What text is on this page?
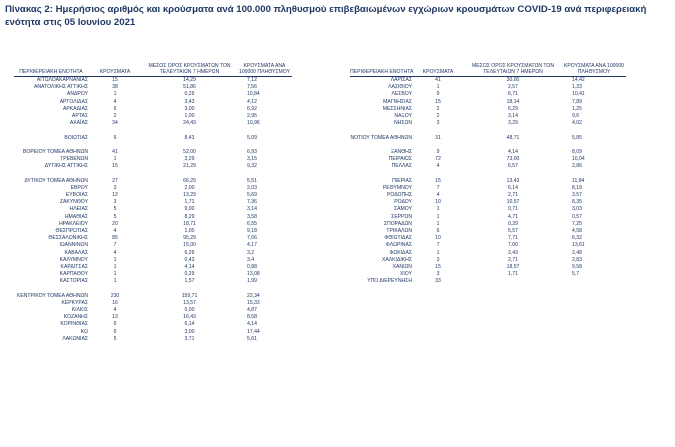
Πίνακας 2: Ημερήσιος αριθμός και κρούσματα ανά 100.000 πληθυσμού επιβεβαιωμένων εγχώριων κρουσμάτων COVID-19 ανά περιφερειακή ενότητα στις 05 Ιουνίου 2021
ΠΕΡΙΦΕΡΕΙΑΚΗ ΕΝΟΤΗΤΑ	ΚΡΟΥΣΜΑΤΑ
ΜΕΣΟΣ ΟΡΟΣ ΚΡΟΥΣΜΑΤΩΝ ΤΟΝ ΤΕΛΕΥΤΑΙΩΝ 7 ΗΜΕΡΩΝ
ΚΡΟΥΣΜΑΤΑ ΑΝΑ 100000 ΠΛΗΘΥΣΜΟΥ
ΑΙΤΩΛΟΑΚΑΡΝΑΝΙΑΣ	15	14,29	7,12
ΑΝΑΤΟΛΙΚΗΣ ΑΤΤΙΚΗΣ	38	51,86	7,56
ΑΝΔΡΟΥ	1	0,29	10,84
ΑΡΓΟΛΙΔΑΣ	4	3,43	4,12
ΑΡΚΑΔΙΑΣ	6	3,00	6,92
ΑΡΤΑΣ	2	1,00	2,95
ΑΧΑΪΑΣ	34	24,43	10,96
ΒΟΙΩΤΙΑΣ	6	8,43	5,09
ΒΟΡΕΙΟΥ ΤΟΜΕΑ ΑΘΗΝΩΝ	41	52,00	6,93
ΓΡΕΒΕΝΩΝ	1	3,29	3,15
ΔΥΤΙΚΗΣ ΑΤΤΙΚΗΣ	15	21,29	9,32
ΔΥΤΙΚΟΥ ΤΟΜΕΑ ΑΘΗΝΩΝ	27	66,29	5,51
ΕΒΡΟΥ	3	2,00	2,03
ΕΥΒΟΙΑΣ	12	13,29	5,69
ΖΑΚΥΝΘΟΥ	3	1,71	7,36
ΗΛΕΙΑΣ	5	9,00	3,14
ΗΜΑΘΙΑΣ	5	8,29	3,58
ΗΡΑΚΛΕΙΟΥ	20	18,71	6,55
ΘΕΣΠΡΩΤΙΑΣ	4	1,00	9,18
ΘΕΣΣΑΛΟΝΙΚΗΣ	85	95,29	7,66
ΙΩΑΝΝΙΝΩΝ	7	15,00	4,17
ΚΑΒΑΛΑΣ	4	6,29	3,2
ΚΑΛΥΜΝΟΥ	1	0,43	3,4
ΚΑΡΔΙΤΣΑΣ	1	4,14	0,88
ΚΑΡΠΑΘΟΥ	1	0,29	13,08
ΚΑΣΤΟΡΙΑΣ	1	1,57	1,99
ΚΕΝΤΡΙΚΟΥ ΤΟΜΕΑ ΑΘΗΝΩΝ	230	159,71	22,34
ΚΕΡΚΥΡΑΣ	16	13,57	15,33
ΚΙΛΚΙΣ	4	5,00	4,87
ΚΟΖΑΝΗΣ	13	16,43	8,68
ΚΟΡΙΝΘΙΑΣ	6	6,14	4,14
ΚΩ	6	3,00	17,44
ΛΑΚΩΝΙΑΣ	5	3,71	5,61
ΠΕΡΙΦΕΡΕΙΑΚΗ ΕΝΟΤΗΤΑ	ΚΡΟΥΣΜΑΤΑ
ΜΕΣΟΣ ΟΡΟΣ ΚΡΟΥΣΜΑΤΩΝ ΤΟΝ ΤΕΛΕΥΤΑΙΩΝ 7 ΗΜΕΡΩΝ
ΚΡΟΥΣΜΑΤΑ ΑΝΑ 100000 ΠΛΗΘΥΣΜΟΥ
ΛΑΡΙΣΑΣ	41	30,00	14,42
ΛΑΣΙΘΙΟΥ	1	2,57	1,33
ΛΕΣΒΟΥ	9	6,71	10,41
ΜΑΓΝΗΣΙΑΣ	15	18,14	7,89
ΜΕΣΣΗΝΙΑΣ	2	6,29	1,25
ΝΑΞΟΥ	2	3,14	9,6
ΝΗΣΩΝ	3	3,29	4,02
ΝΟΤΙΟΥ ΤΟΜΕΑ ΑΘΗΝΩΝ	31	48,71	5,85
ΞΑΝΘΗΣ	9	4,14	8,09
ΠΕΙΡΑΙΩΣ	72	73,00	16,04
ΠΕΛΛΑΣ	4	6,57	2,86
ΠΙΕΡΙΑΣ	15	13,43	11,84
ΡΕΘΥΜΝΟΥ	7	6,14	8,18
ΡΟΔΟΠΗΣ	4	2,71	3,57
ΡΟΔΟΥ	10	10,57	8,35
ΣΑΜΟΥ	1	0,71	3,03
ΣΕΡΡΩΝ	1	4,71	0,57
ΣΠΟΡΑΔΩΝ	1	0,29	7,25
ΤΡΙΚΑΛΩΝ	6	5,57	4,58
ΦΘΙΩΤΙΔΑΣ	10	7,71	6,32
ΦΛΩΡΙΝΑΣ	7	7,00	13,61
ΦΩΚΙΔΑΣ	1	2,43	2,48
ΧΑΛΚΙΔΙΚΗΣ	3	2,71	2,83
ΧΑΝΙΩΝ	15	18,57	9,58
ΧΙΟΥ	3	1,71	5,7
ΥΠΟ ΔΙΕΡΕΥΝΗΣΗ	33
